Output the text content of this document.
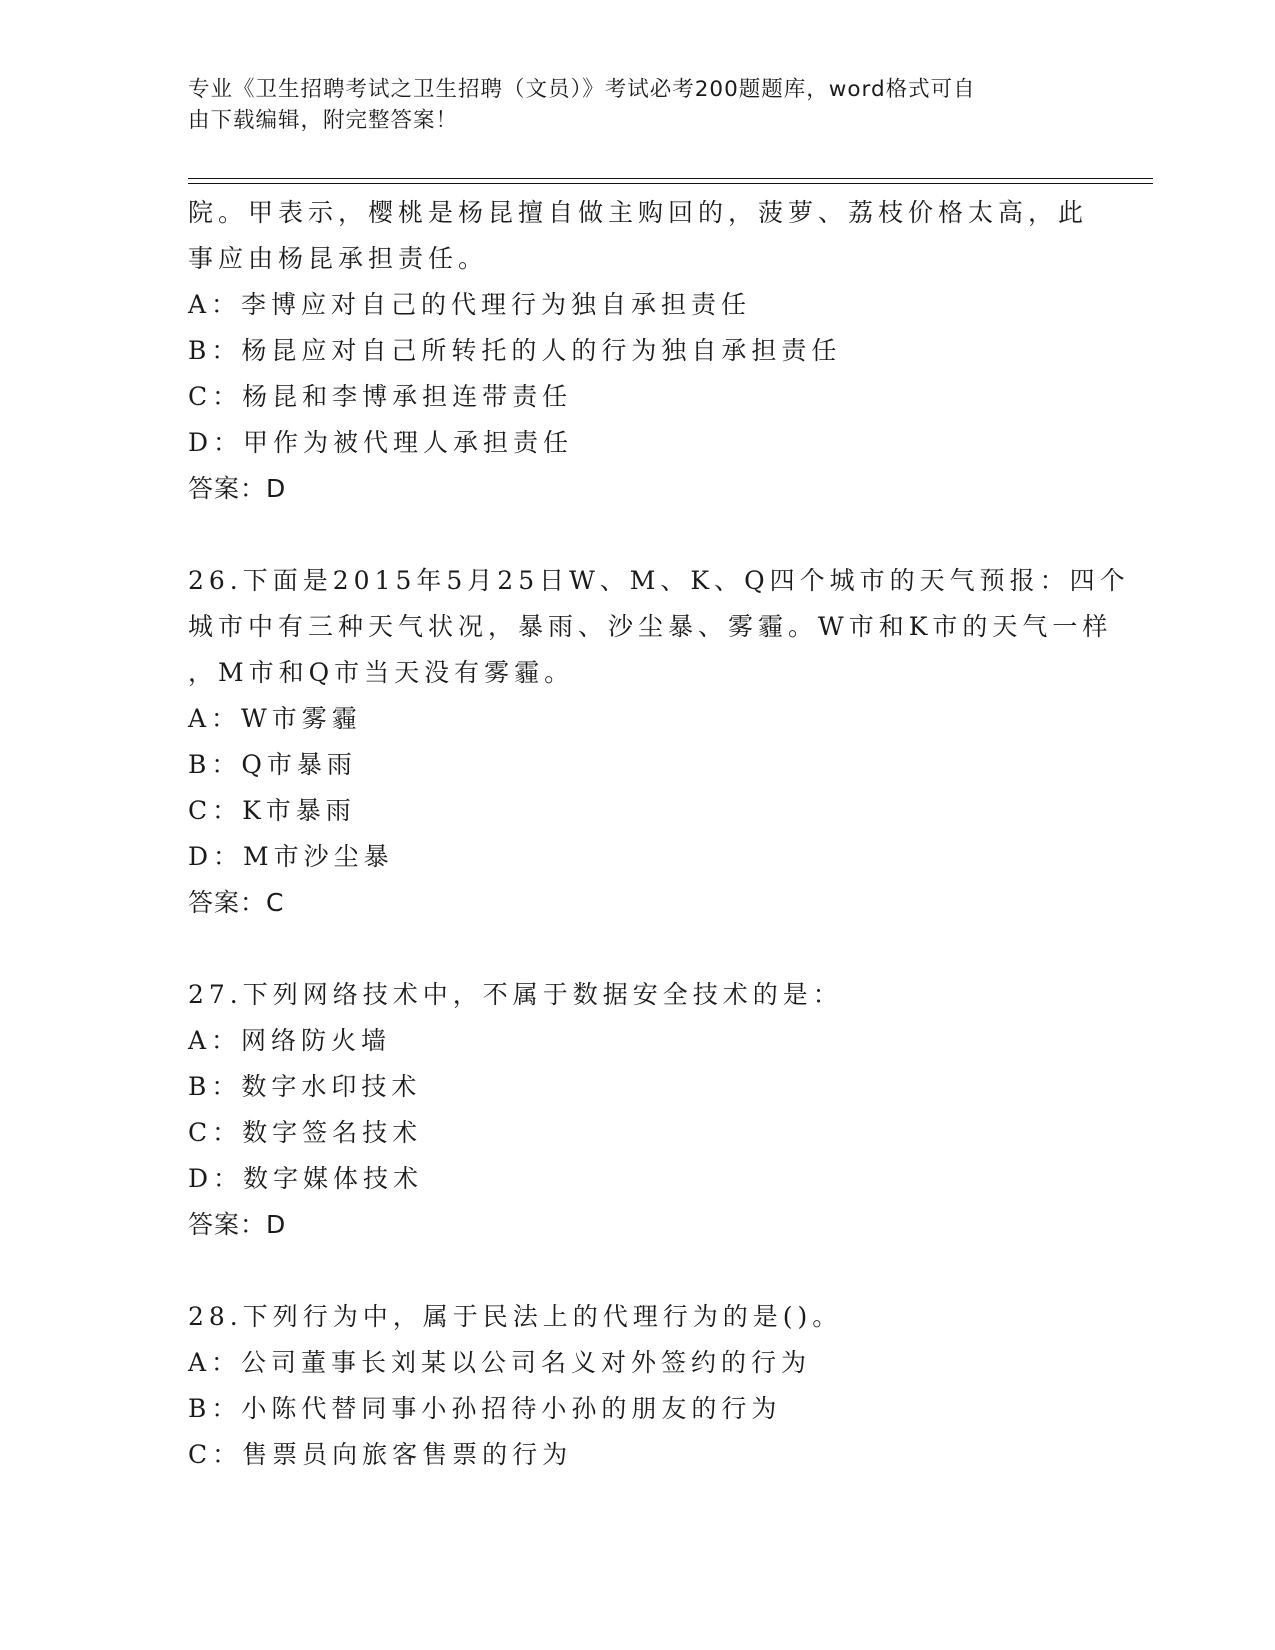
专业《卫生招聘考试之卫生招聘（文员）》考试必考200题题库，word格式可自
由下载编辑，附完整答案！
院。甲表示，樱桃是杨昆擅自做主购回的，菠萝、荔枝价格太高，此
事应由杨昆承担责任。
A：李博应对自己的代理行为独自承担责任
B：杨昆应对自己所转托的人的行为独自承担责任
C：杨昆和李博承担连带责任
D：甲作为被代理人承担责任
答案：D
26.下面是2015年5月25日W、M、K、Q四个城市的天气预报：四个
城市中有三种天气状况，暴雨、沙尘暴、雾霾。W市和K市的天气一样
，M市和Q市当天没有雾霾。
A：W市雾霾
B：Q市暴雨
C：K市暴雨
D：M市沙尘暴
答案：C
27.下列网络技术中，不属于数据安全技术的是：
A：网络防火墙
B：数字水印技术
C：数字签名技术
D：数字媒体技术
答案：D
28.下列行为中，属于民法上的代理行为的是()。
A：公司董事长刘某以公司名义对外签约的行为
B：小陈代替同事小孙招待小孙的朋友的行为
C：售票员向旅客售票的行为
